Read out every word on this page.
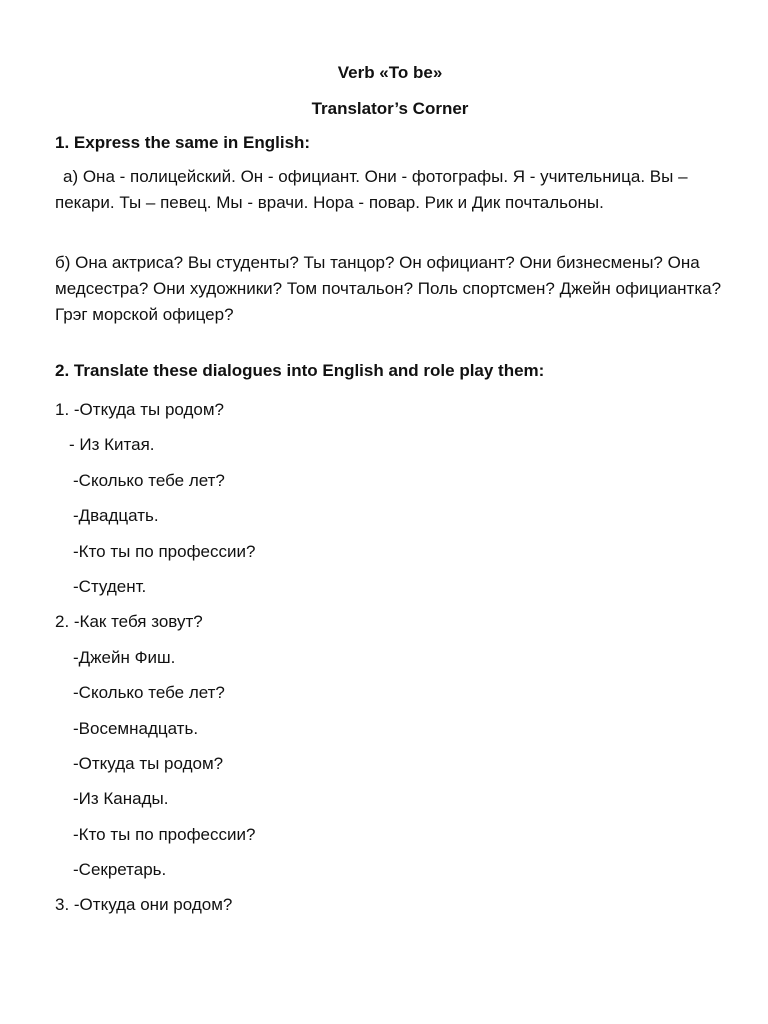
Verb «To be»

Translator’s Corner

1. Express the same in English:

а) Она - полицейский. Он - официант. Они - фотографы. Я - учительница. Вы – пекари. Ты – певец. Мы - врачи. Нора - повар. Рик и Дик почтальоны.

б) Она актриса? Вы студенты? Ты танцор? Он официант? Они бизнесмены? Она медсестра? Они художники? Том почтальон? Поль спортсмен? Джейн официантка? Грэг морской офицер?

2. Translate these dialogues into English and role play them:

1. -Откуда ты родом?

- Из Китая.

-Сколько тебе лет?

-Двадцать.

-Кто ты по профессии?

-Студент.

2. -Как тебя зовут?

-Джейн Фиш.

-Сколько тебе лет?

-Восемнадцать.

-Откуда ты родом?

-Из Канады.

-Кто ты по профессии?

-Секретарь.

3. -Откуда они родом?
